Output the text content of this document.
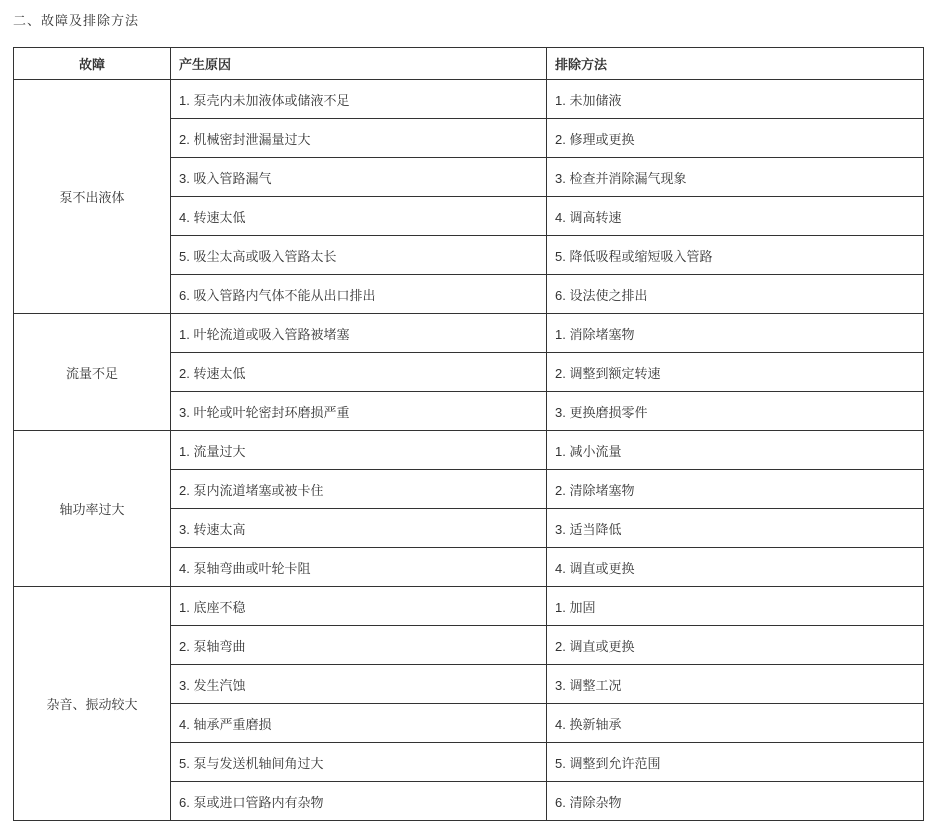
二、故障及排除方法
故障	产生原因	排除方法
泵不出液体	1. 泵壳内未加液体或储液不足	1. 未加储液
	2. 机械密封泄漏量过大	2. 修理或更换
	3. 吸入管路漏气	3. 检查并消除漏气现象
	4. 转速太低	4. 调高转速
	5. 吸尘太高或吸入管路太长	5. 降低吸程或缩短吸入管路
	6. 吸入管路内气体不能从出口排出	6. 设法使之排出
流量不足	1. 叶轮流道或吸入管路被堵塞	1. 消除堵塞物
	2. 转速太低	2. 调整到额定转速
	3. 叶轮或叶轮密封环磨损严重	3. 更换磨损零件
轴功率过大	1. 流量过大	1. 减小流量
	2. 泵内流道堵塞或被卡住	2. 清除堵塞物
	3. 转速太高	3. 适当降低
	4. 泵轴弯曲或叶轮卡阻	4. 调直或更换
杂音、振动较大	1. 底座不稳	1. 加固
	2. 泵轴弯曲	2. 调直或更换
	3. 发生汽蚀	3. 调整工况
	4. 轴承严重磨损	4. 换新轴承
	5. 泵与发送机轴间角过大	5. 调整到允许范围
	6. 泵或进口管路内有杂物	6. 清除杂物
